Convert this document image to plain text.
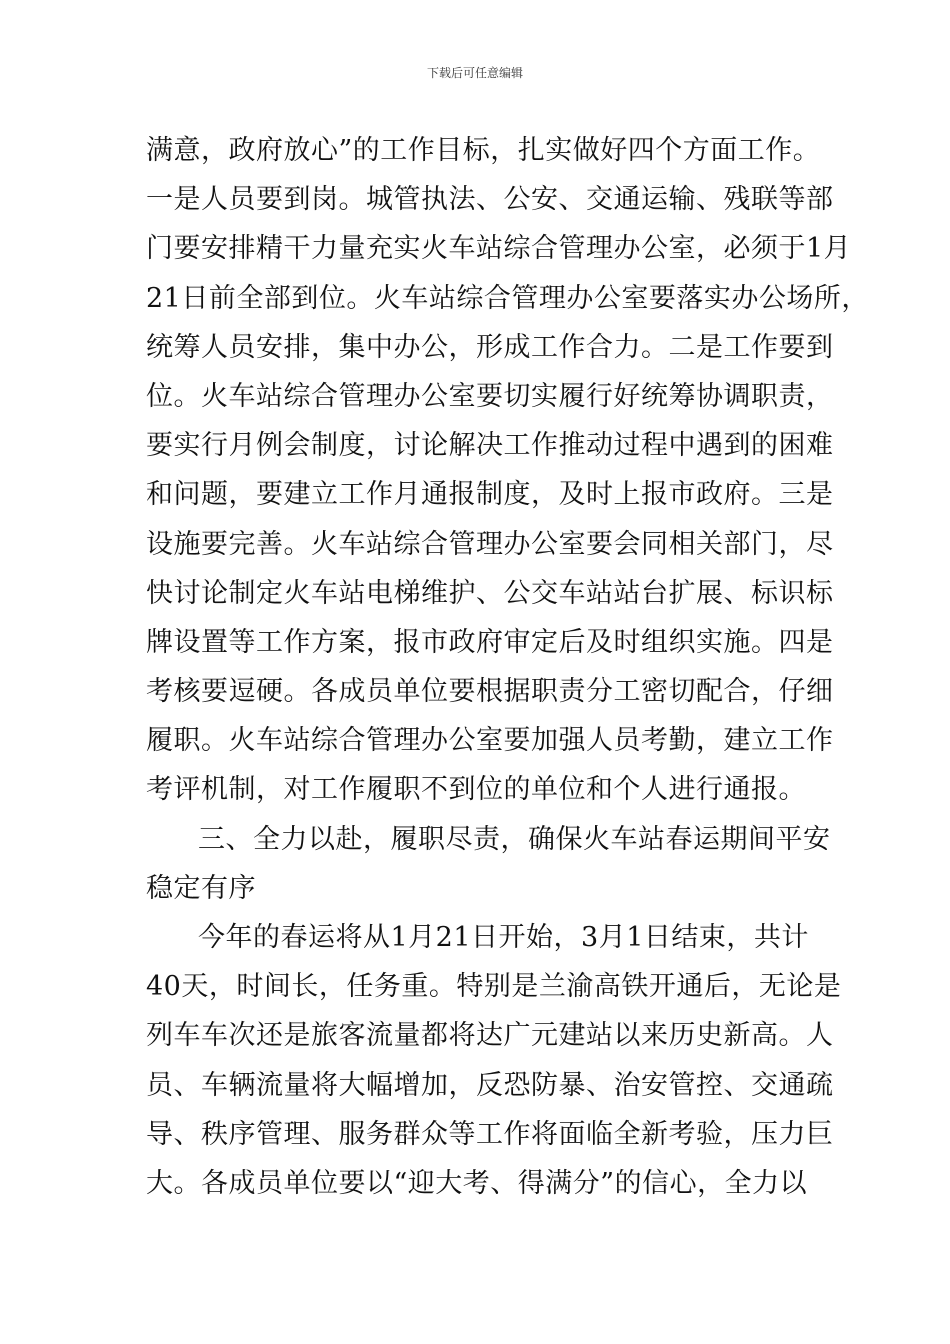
下载后可任意编辑
满意，政府放心”的工作目标，扎实做好四个方面工作。
一是人员要到岗。城管执法、公安、交通运输、残联等部
门要安排精干力量充实火车站综合管理办公室，必须于1月
21日前全部到位。火车站综合管理办公室要落实办公场所，
统筹人员安排，集中办公，形成工作合力。二是工作要到
位。火车站综合管理办公室要切实履行好统筹协调职责，
要实行月例会制度，讨论解决工作推动过程中遇到的困难
和问题，要建立工作月通报制度，及时上报市政府。三是
设施要完善。火车站综合管理办公室要会同相关部门，尽
快讨论制定火车站电梯维护、公交车站站台扩展、标识标
牌设置等工作方案，报市政府审定后及时组织实施。四是
考核要逗硬。各成员单位要根据职责分工密切配合，仔细
履职。火车站综合管理办公室要加强人员考勤，建立工作
考评机制，对工作履职不到位的单位和个人进行通报。
三、全力以赴，履职尽责，确保火车站春运期间平安
稳定有序
今年的春运将从1月21日开始，3月1日结束，共计
40天，时间长，任务重。特别是兰渝高铁开通后，无论是
列车车次还是旅客流量都将达广元建站以来历史新高。人
员、车辆流量将大幅增加，反恐防暴、治安管控、交通疏
导、秩序管理、服务群众等工作将面临全新考验，压力巨
大。各成员单位要以“迎大考、得满分”的信心，全力以
